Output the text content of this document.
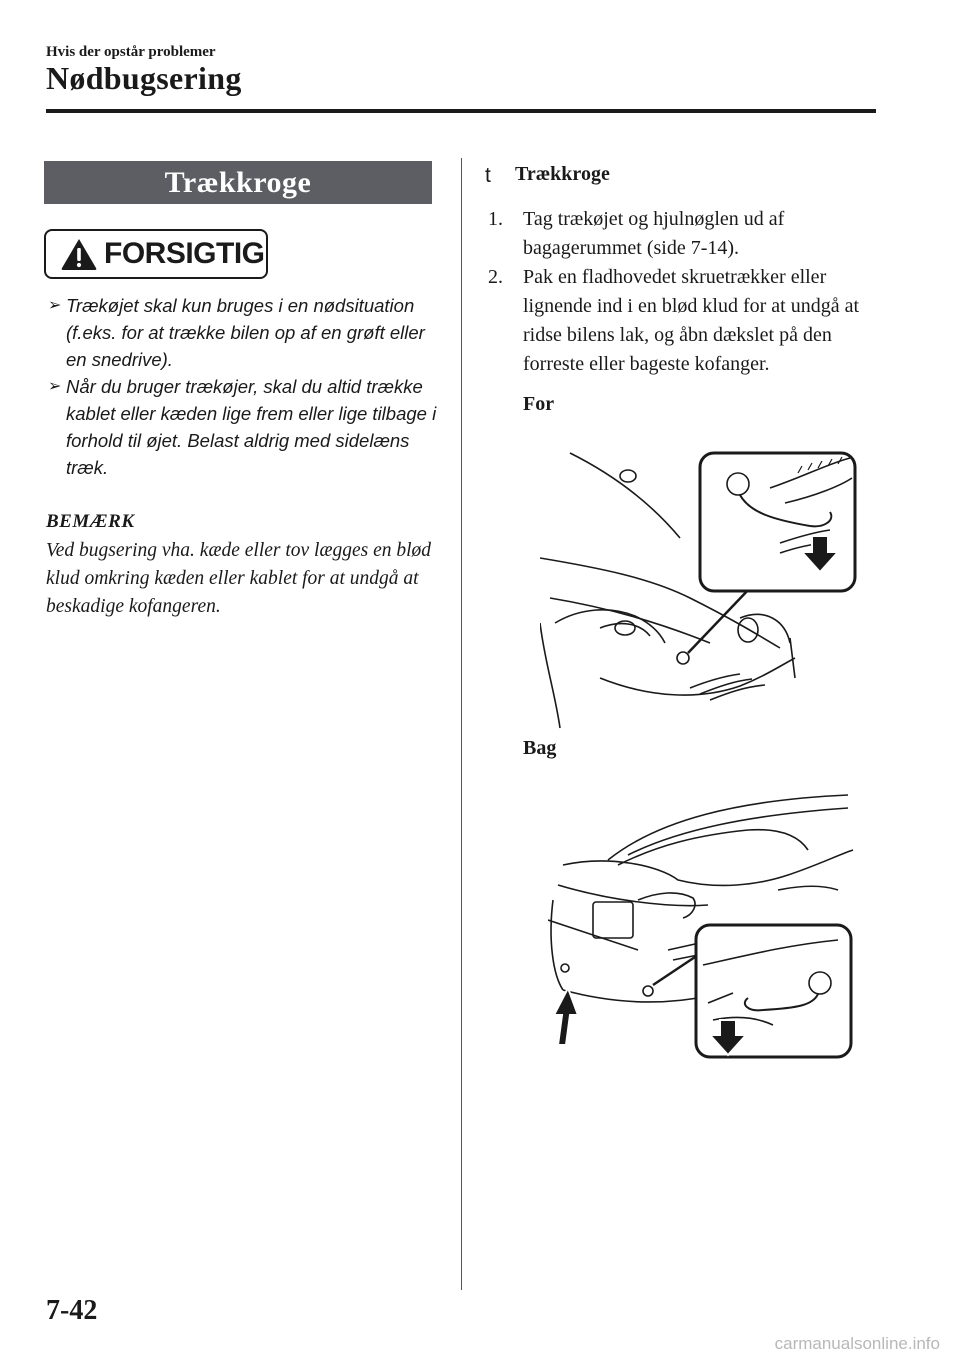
Hvis der opstår problemer
Nødbugsering
Trækkroge
FORSIGTIG
➢ Trækøjet skal kun bruges i en nødsituation (f.eks. for at trække bilen op af en grøft eller en snedrive).
➢ Når du bruger trækøjer, skal du altid trække kablet eller kæden lige frem eller lige tilbage i forhold til øjet. Belast aldrig med sidelæns træk.
BEMÆRK
Ved bugsering vha. kæde eller tov lægges en blød klud omkring kæden eller kablet for at undgå at beskadige kofangeren.
t Trækkroge
1. Tag trækøjet og hjulnøglen ud af bagagerummet (side 7-14).
2. Pak en fladhovedet skruetrækker eller lignende ind i en blød klud for at undgå at ridse bilens lak, og åbn dækslet på den forreste eller bageste kofanger.
For
Bag
7-42
carmanualsonline.info
